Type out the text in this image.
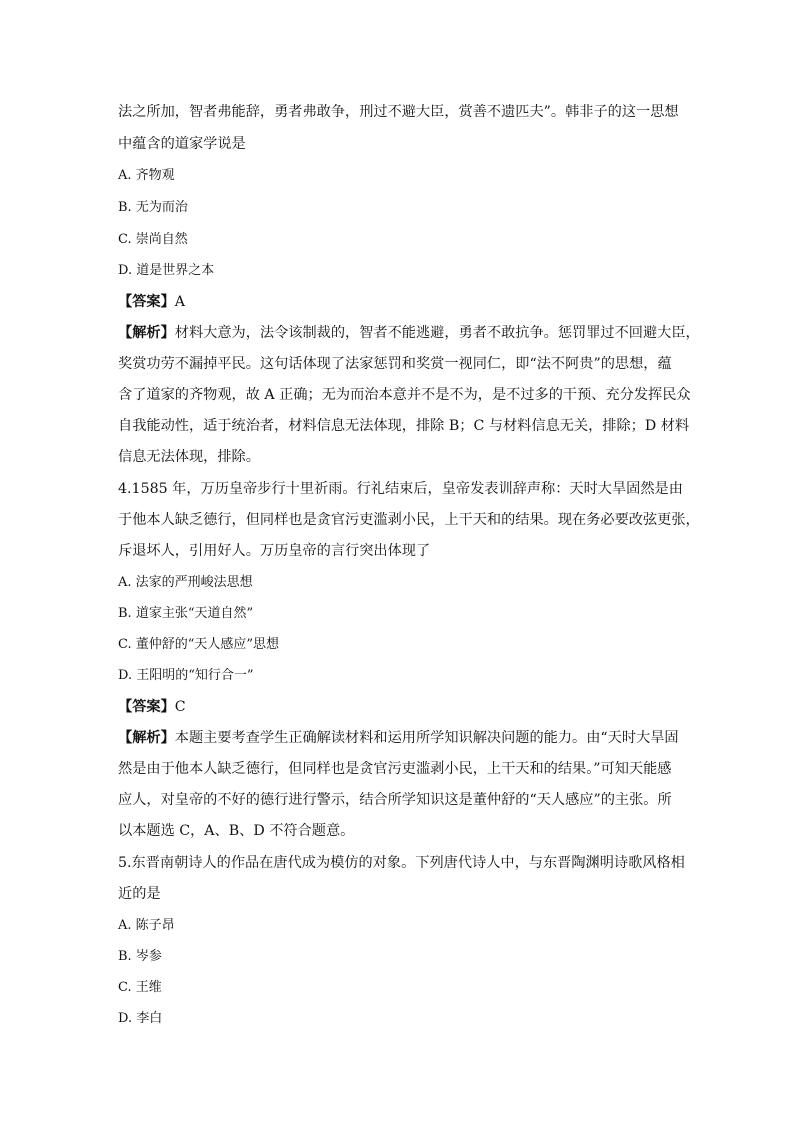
法之所加，智者弗能辞，勇者弗敢争，刑过不避大臣，赏善不遗匹夫”。韩非子的这一思想
中蕴含的道家学说是
A. 齐物观
B. 无为而治
C. 崇尚自然
D. 道是世界之本
【答案】A
【解析】材料大意为，法令该制裁的，智者不能逃避，勇者不敢抗争。惩罚罪过不回避大臣，
奖赏功劳不漏掉平民。这句话体现了法家惩罚和奖赏一视同仁，即“法不阿贵”的思想，蕴
含了道家的齐物观，故 A 正确；无为而治本意并不是不为，是不过多的干预、充分发挥民众
自我能动性，适于统治者，材料信息无法体现，排除 B；C 与材料信息无关，排除；D 材料
信息无法体现，排除。
4.1585 年，万历皇帝步行十里祈雨。行礼结束后，皇帝发表训辞声称：天时大旱固然是由
于他本人缺乏德行，但同样也是贪官污吏滥剥小民，上干天和的结果。现在务必要改弦更张，
斥退坏人，引用好人。万历皇帝的言行突出体现了
A. 法家的严刑峻法思想
B. 道家主张“天道自然”
C. 董仲舒的“天人感应”思想
D. 王阳明的“知行合一”
【答案】C
【解析】本题主要考查学生正确解读材料和运用所学知识解决问题的能力。由“天时大旱固
然是由于他本人缺乏德行，但同样也是贪官污吏滥剥小民，上干天和的结果。”可知天能感
应人，对皇帝的不好的德行进行警示，结合所学知识这是董仲舒的“天人感应”的主张。所
以本题选 C，A、B、D 不符合题意。
5.东晋南朝诗人的作品在唐代成为模仿的对象。下列唐代诗人中，与东晋陶渊明诗歌风格相
近的是
A. 陈子昂
B. 岑参
C. 王维
D. 李白
